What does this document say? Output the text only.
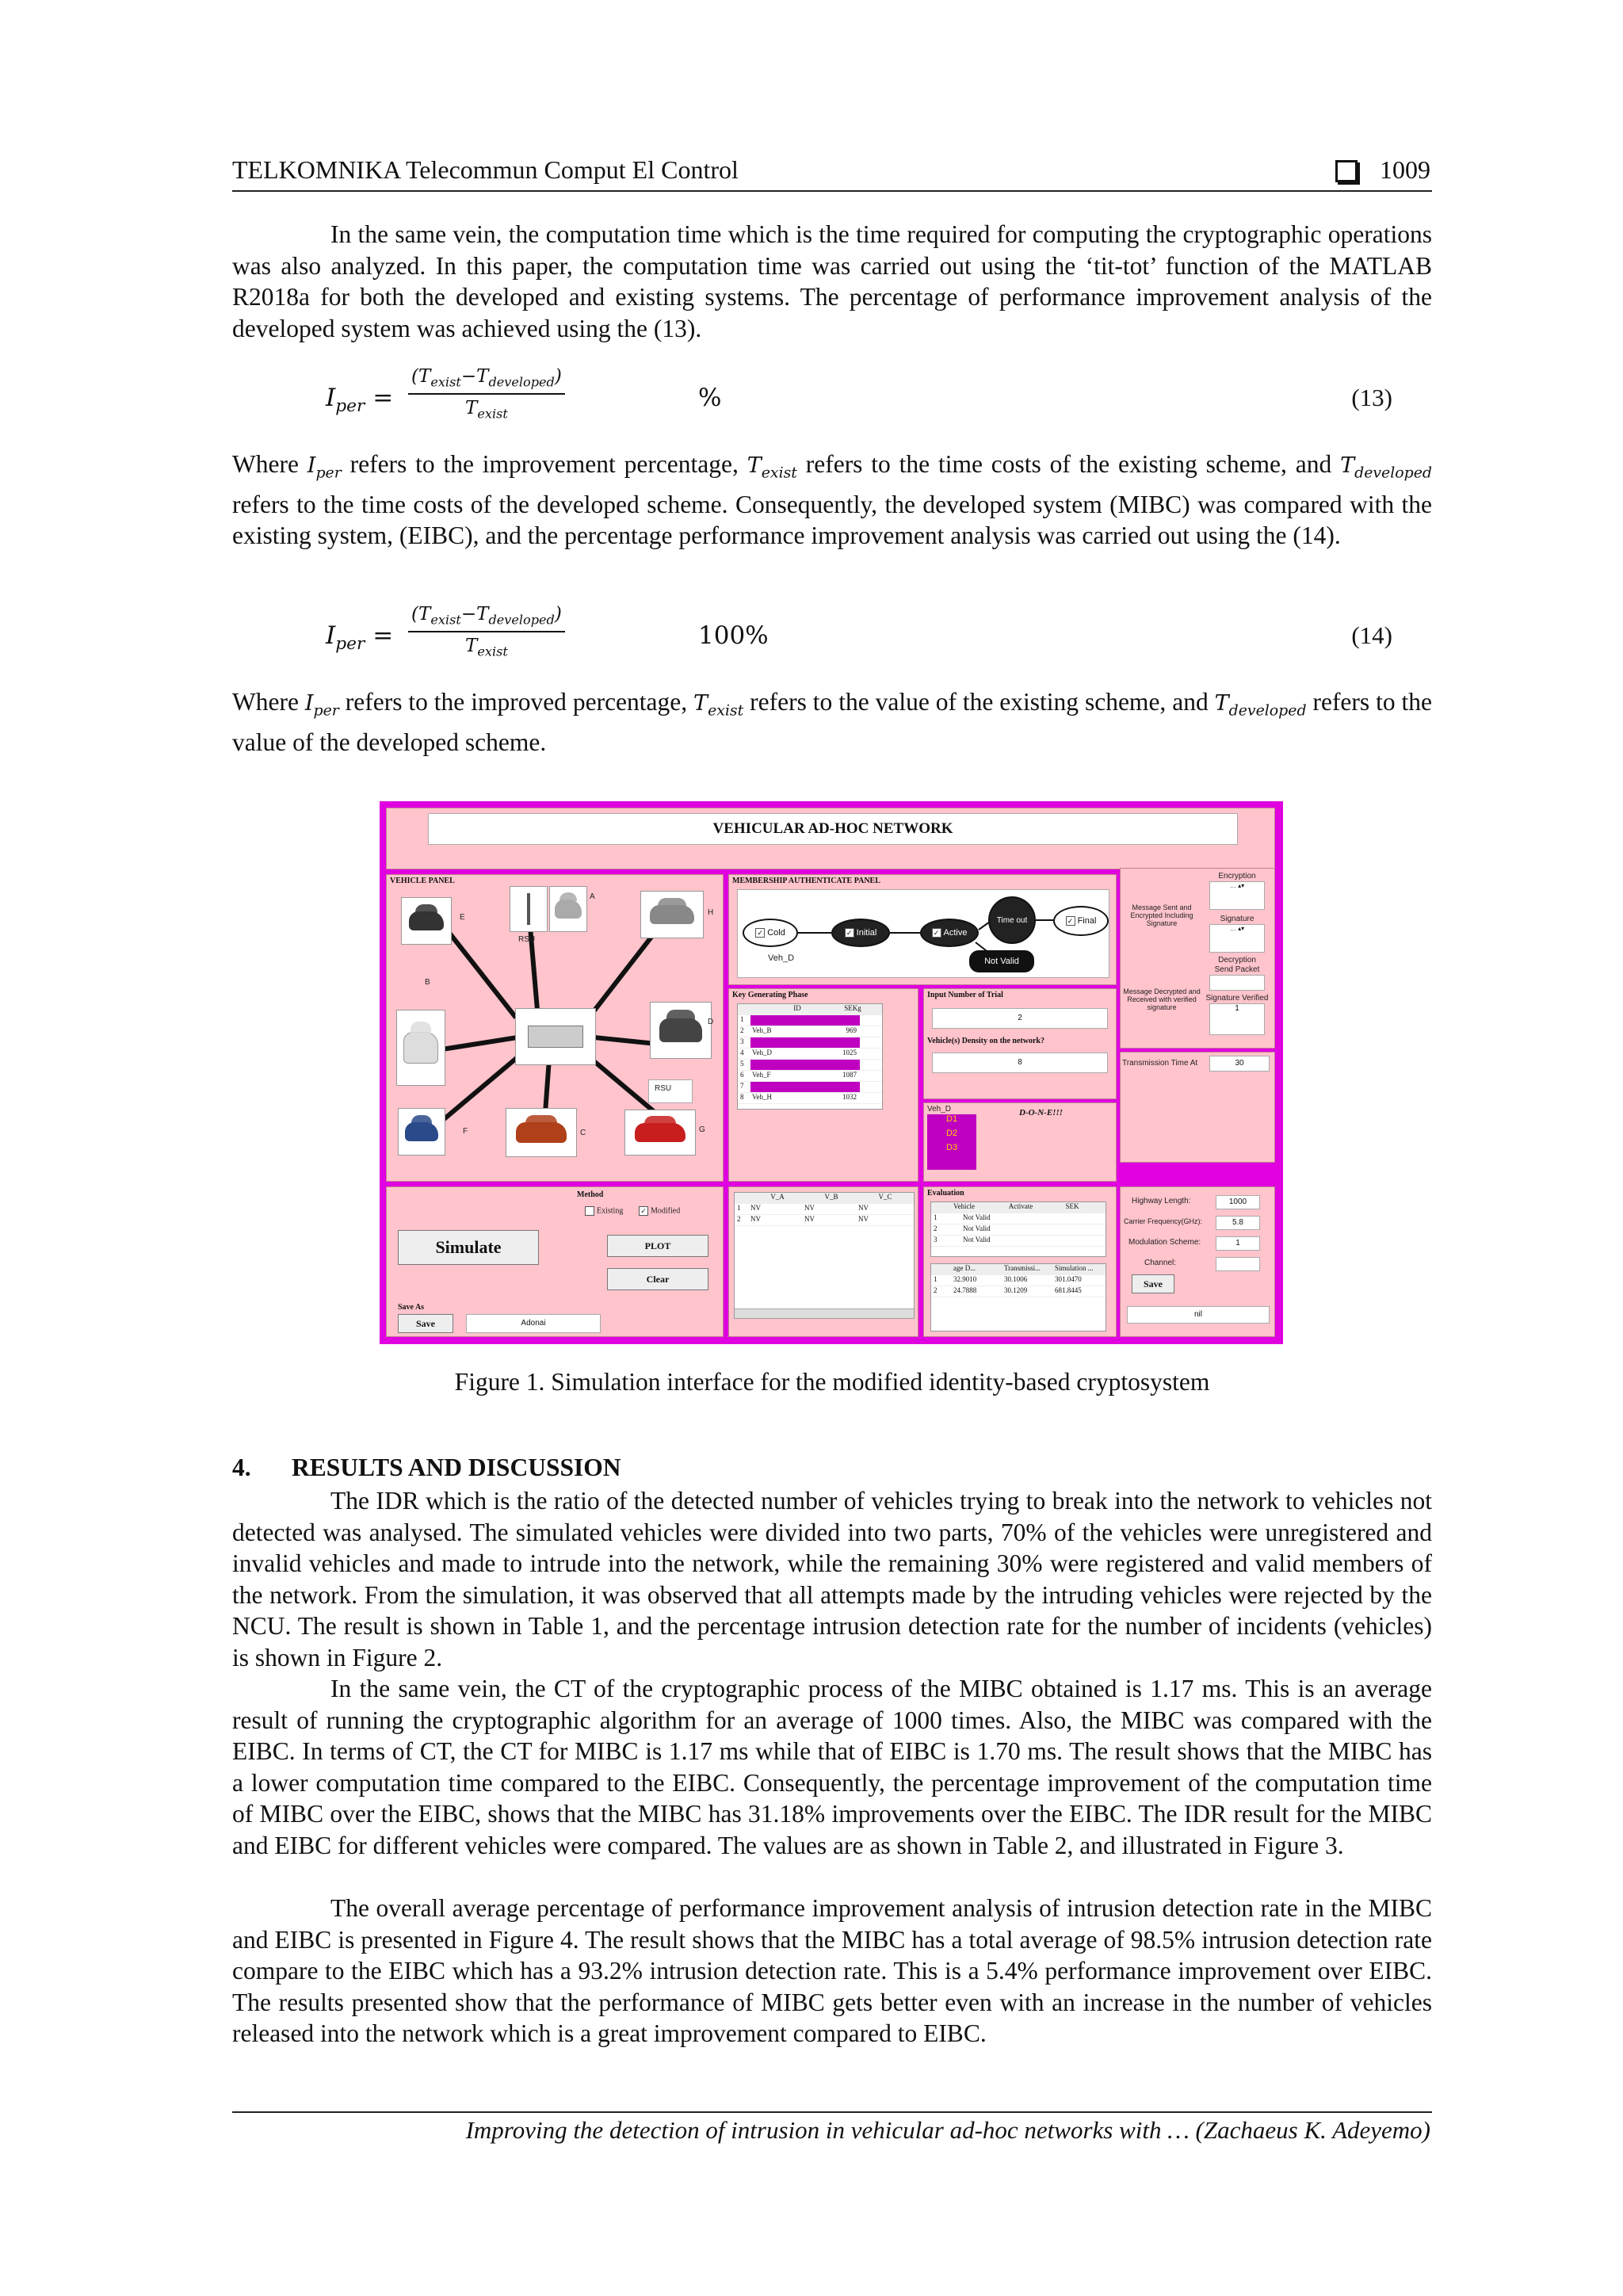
TELKOMNIKA Telecommun Comput El Control	1009

In the same vein, the computation time which is the time required for computing the cryptographic operations was also analyzed. In this paper, the computation time was carried out using the ‘tit-tot’ function of the MATLAB R2018a for both the developed and existing systems. The percentage of performance improvement analysis of the developed system was achieved using the (13).

$I_{per}$ =
$(T_{exist}-T_{developed})$
$T_{exist}$
%	(13)

Where $I_{per}$ refers to the improvement percentage, $T_{exist}$ refers to the time costs of the existing scheme, and $T_{developed}$ refers to the time costs of the developed scheme. Consequently, the developed system (MIBC) was compared with the existing system, (EIBC), and the percentage performance improvement analysis was carried out using the (14).

$I_{per}$ =
$(T_{exist}-T_{developed})$
$T_{exist}$
100%	(14)

Where $I_{per}$ refers to the improved percentage, $T_{exist}$ refers to the value of the existing scheme, and $T_{developed}$ refers to the value of the developed scheme.

Figure 1. Simulation interface for the modified identity-based cryptosystem
4. RESULTS AND DISCUSSION

The IDR which is the ratio of the detected number of vehicles trying to break into the network to vehicles not detected was analysed. The simulated vehicles were divided into two parts, 70% of the vehicles were unregistered and invalid vehicles and made to intrude into the network, while the remaining 30% were registered and valid members of the network. From the simulation, it was observed that all attempts made by the intruding vehicles were rejected by the NCU. The result is shown in Table 1, and the percentage intrusion detection rate for the number of incidents (vehicles) is shown in Figure 2.

In the same vein, the CT of the cryptographic process of the MIBC obtained is 1.17 ms. This is an average result of running the cryptographic algorithm for an average of 1000 times. Also, the MIBC was compared with the EIBC. In terms of CT, the CT for MIBC is 1.17 ms while that of EIBC is 1.70 ms. The result shows that the MIBC has a lower computation time compared to the EIBC. Consequently, the percentage improvement of the computation time of MIBC over the EIBC, shows that the MIBC has 31.18% improvements over the EIBC. The IDR result for the MIBC and EIBC for different vehicles were compared. The values are as shown in Table 2, and illustrated in Figure 3.

The overall average percentage of performance improvement analysis of intrusion detection rate in the MIBC and EIBC is presented in Figure 4. The result shows that the MIBC has a total average of 98.5% intrusion detection rate compare to the EIBC which has a 93.2% intrusion detection rate. This is a 5.4% performance improvement over EIBC. The results presented show that the performance of MIBC gets better even with an increase in the number of vehicles released into the network which is a great improvement compared to EIBC.

Improving the detection of intrusion in vehicular ad-hoc networks with … (Zachaeus K. Adeyemo)
VEHICULAR AD-HOC NETWORK
VEHICLE PANEL
E
RSU
A
H
B
D
RSU
F	C	G
MEMBERSHIP AUTHENTICATE PANEL
✓ Cold	✓ Initial	✓ Active
Time out	✓ Final
Not Valid
Veh_D
Encryption
… ▴▾
Message Sent and Encrypted Including Signature	Signature
… ▴▾
Decryption
Send Packet
Message Decrypted and Received with verified signature
Signature Verified
1
Transmission Time At	30
Key Generating Phase
ID	SEKg
1	Veh_A	1000
2	Veh_B	969
3	Veh_C	977
4	Veh_D	1025
5	Veh_E	985
6	Veh_F	1087
7	Veh_G	978
8	Veh_H	1032
Input Number of Trial
2
Vehicle(s) Density on the network?
8
Veh_D
D1
D2
D3
D-O-N-E!!!
Method
Existing ✓ Modified
Simulate	PLOT
Clear
Save As
Save	Adonai
V_A	V_B	V_C
1	NV	NV	NV
2	NV	NV	NV
Evaluation
Vehicle	Activate	SEK
1	Not Valid
2	Not Valid
3	Not Valid
age D...	Transmissi...	Simulation ...
1	32.9010	30.1006	301.0470
2	24.7888	30.1209	681.8445
Highway Length:	1000
Carrier Frequency(GHz):	5.8
Modulation Scheme:	1
Channel:
Save
nil
